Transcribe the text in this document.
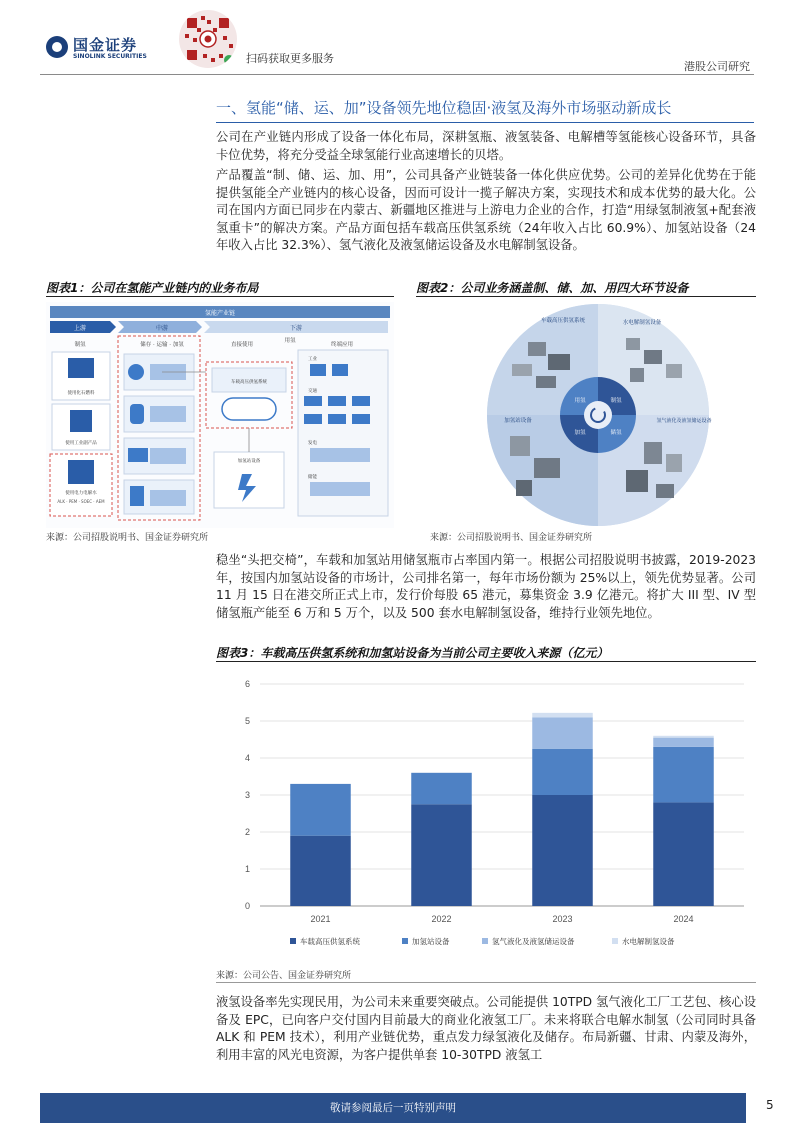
国金证券
SINOLINK SECURITIES	扫码获取更多服务
港股公司研究
一、氢能“储、运、加”设备领先地位稳固·液氢及海外市场驱动新成长

公司在产业链内形成了设备一体化布局，深耕氢瓶、液氢装备、电解槽等氢能核心设备环节，具备卡位优势，将充分受益全球氢能行业高速增长的贝塔。

产品覆盖“制、储、运、加、用”，公司具备产业链装备一体化供应优势。公司的差异化优势在于能提供氢能全产业链内的核心设备，因而可设计一揽子解决方案，实现技术和成本优势的最大化。公司在国内方面已同步在内蒙古、新疆地区推进与上游电力企业的合作，打造“用绿氢制液氢+配套液氢重卡”的解决方案。产品方面包括车载高压供氢系统（24年收入占比 60.9%）、加氢站设备（24 年收入占比 32.3%）、氢气液化及液氢储运设备及水电解制氢设备。

图表1：公司在氢能产业链内的业务布局	图表2：公司业务涵盖制、储、加、用四大环节设备
氢能产业链
上游	中游	下游
制氢	储存 · 运输 · 加氢	直接使用
用氢
终端应用
使用化石燃料
使用工业副产品
使用电力电解水
ALK · PEM · SOEC · AEM
车载高压供氢系统
加氢站设备
工业
交通
发电
储能
车载高压供氢系统	水电解制氢设备
加氢站设备	氢气液化及液氢储运设备
用氢	制氢
加氢	储氢
来源：公司招股说明书、国金证券研究所	来源：公司招股说明书、国金证券研究所

稳坐“头把交椅”，车载和加氢站用储氢瓶市占率国内第一。根据公司招股说明书披露，2019-2023 年，按国内加氢站设备的市场计，公司排名第一，每年市场份额为 25%以上，领先优势显著。公司 11 月 15 日在港交所正式上市，发行价每股 65 港元，募集资金 3.9 亿港元。将扩大 III 型、IV 型储氢瓶产能至 6 万和 5 万个，以及 500 套水电解制氢设备，维持行业领先地位。

图表3：车载高压供氢系统和加氢站设备为当前公司主要收入来源（亿元）
0
1
2
3
4
5
6
2021	2022	2023	2024
车载高压供氢系统	加氢站设备	氢气液化及液氢储运设备	水电解制氢设备
来源：公司公告、国金证券研究所

液氢设备率先实现民用，为公司未来重要突破点。公司能提供 10TPD 氢气液化工厂工艺包、核心设备及 EPC，已向客户交付国内目前最大的商业化液氢工厂。未来将联合电解水制氢（公司同时具备 ALK 和 PEM 技术），利用产业链优势，重点发力绿氢液化及储存。布局新疆、甘肃、内蒙及海外，利用丰富的风光电资源，为客户提供单套 10-30TPD 液氢工

敬请参阅最后一页特别声明	5
